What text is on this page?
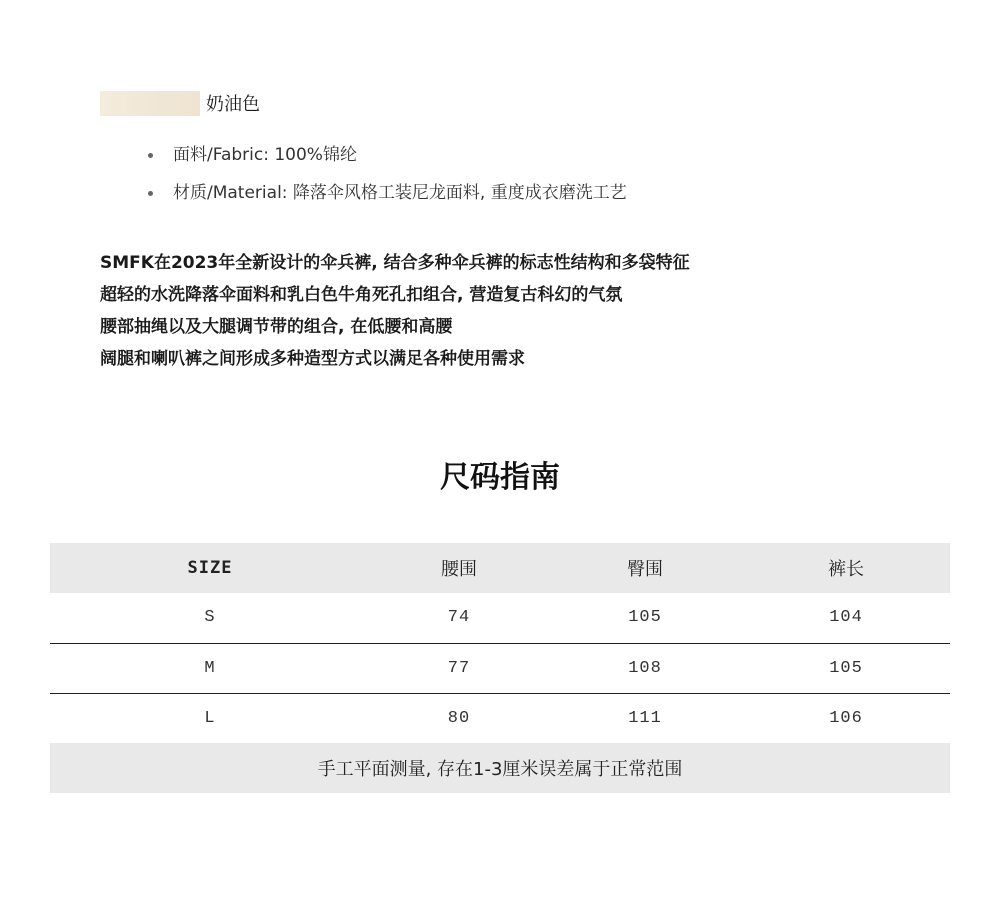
奶油色
面料/Fabric: 100%锦纶
材质/Material: 降落伞风格工装尼龙面料, 重度成衣磨洗工艺

SMFK在2023年全新设计的伞兵裤, 结合多种伞兵裤的标志性结构和多袋特征

超轻的水洗降落伞面料和乳白色牛角死孔扣组合, 营造复古科幻的气氛

腰部抽绳以及大腿调节带的组合, 在低腰和高腰

阔腿和喇叭裤之间形成多种造型方式以满足各种使用需求

尺码指南
SIZE	腰围	臀围	裤长
S	74	105	104
M	77	108	105
L	80	111	106
手工平面测量, 存在1-3厘米误差属于正常范围			
